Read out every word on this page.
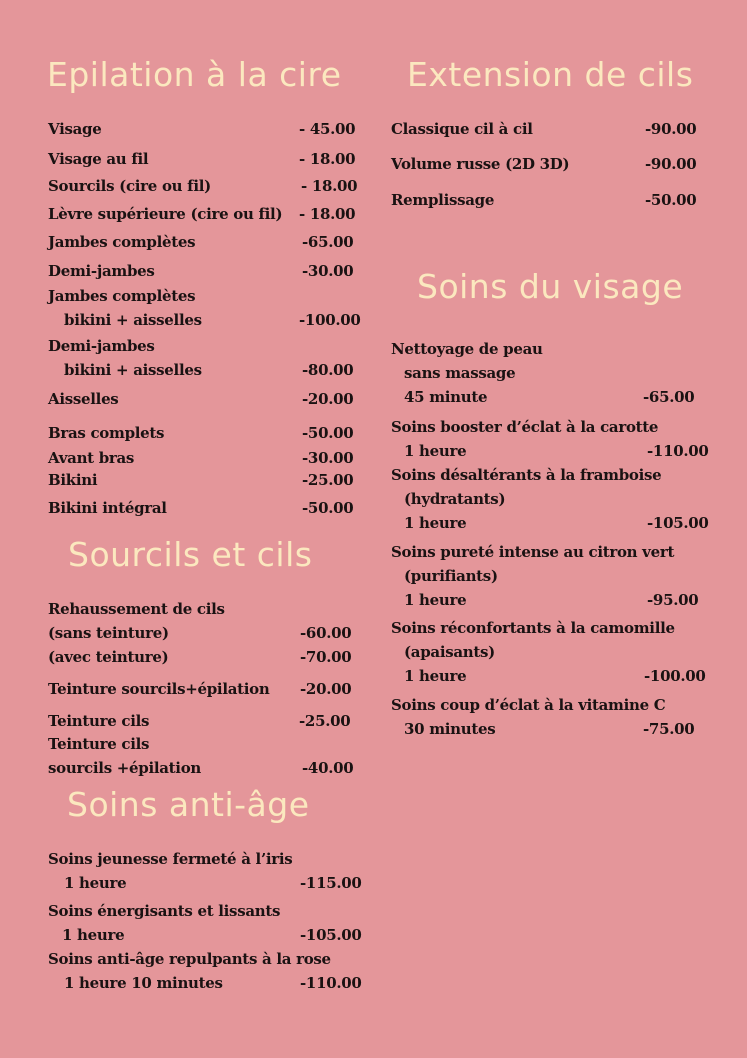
Epilation à la cire Extension de cils
Sourcils et cils
Soins du visage
Soins anti-âge
Visage	- 45.00
Visage au fil	- 18.00
Sourcils (cire ou fil)	- 18.00
Lèvre supérieure (cire ou fil) - 18.00
Jambes complètes	-65.00
Demi-jambes	-30.00
Jambes complètes
bikini + aisselles	-100.00
Demi-jambes
bikini + aisselles	-80.00
Aisselles	-20.00
Bras complets	-50.00
Avant bras	-30.00
Bikini	-25.00
Bikini intégral	-50.00
Rehaussement de cils
(sans teinture)	-60.00
(avec teinture)	-70.00
Teinture sourcils+épilation -20.00
Teinture cils	-25.00
Teinture cils
sourcils +épilation	-40.00
Soins jeunesse fermeté à l’iris
1 heure	-115.00
Soins énergisants et lissants
1 heure	-105.00
Soins anti-âge repulpants à la rose
1 heure 10 minutes	-110.00
Classique cil à cil	-90.00
Volume russe (2D 3D)	-90.00
Remplissage	-50.00
Nettoyage de peau
sans massage
45 minute	-65.00
Soins booster d’éclat à la carotte
1 heure	-110.00
Soins désaltérants à la framboise
(hydratants)
1 heure	-105.00
Soins pureté intense au citron vert
(purifiants)
1 heure	-95.00
Soins réconfortants à la camomille
(apaisants)
1 heure	-100.00
Soins coup d’éclat à la vitamine C
30 minutes	-75.00
